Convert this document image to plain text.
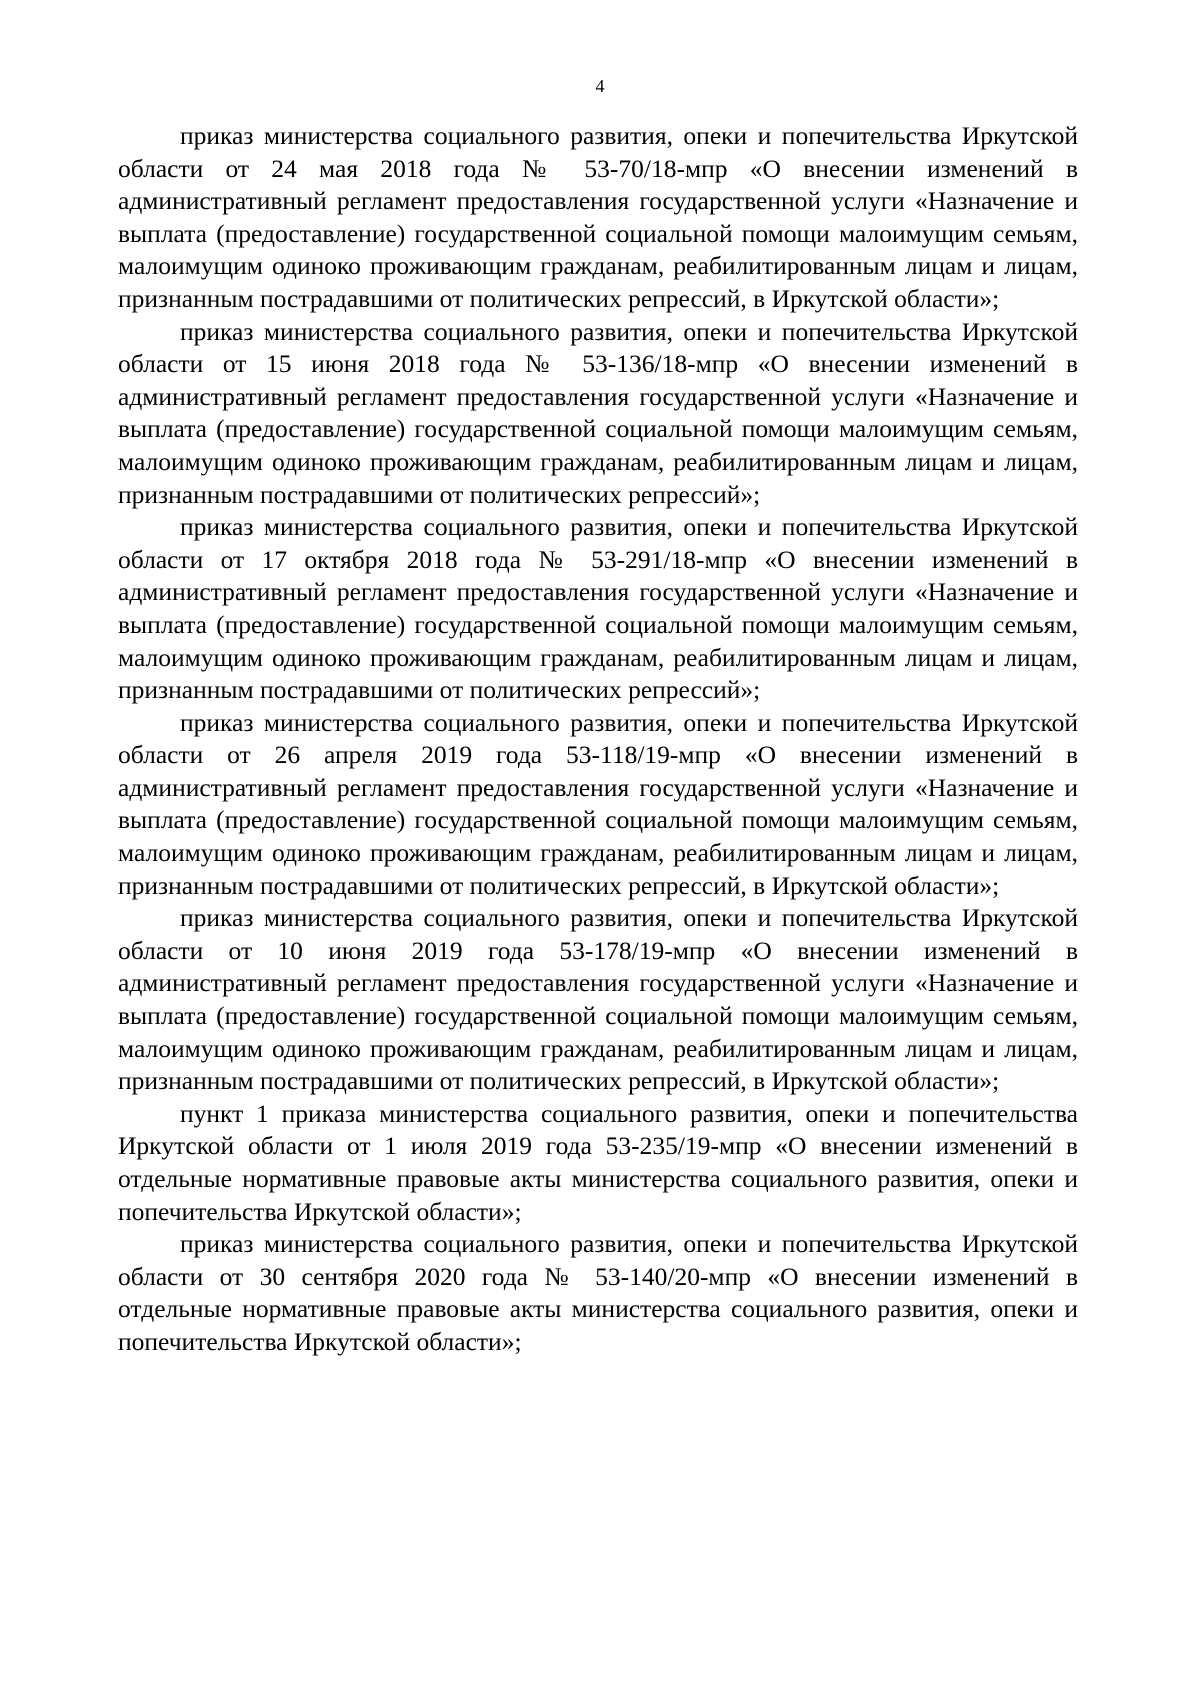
4

приказ министерства социального развития, опеки и попечительства Иркутской области от 24 мая 2018 года № 53-70/18-мпр «О внесении изменений в административный регламент предоставления государственной услуги «Назначение и выплата (предоставление) государственной социальной помощи малоимущим семьям, малоимущим одиноко проживающим гражданам, реабилитированным лицам и лицам, признанным пострадавшими от политических репрессий, в Иркутской области»;

приказ министерства социального развития, опеки и попечительства Иркутской области от 15 июня 2018 года № 53-136/18-мпр «О внесении изменений в административный регламент предоставления государственной услуги «Назначение и выплата (предоставление) государственной социальной помощи малоимущим семьям, малоимущим одиноко проживающим гражданам, реабилитированным лицам и лицам, признанным пострадавшими от политических репрессий»;

приказ министерства социального развития, опеки и попечительства Иркутской области от 17 октября 2018 года № 53-291/18-мпр «О внесении изменений в административный регламент предоставления государственной услуги «Назначение и выплата (предоставление) государственной социальной помощи малоимущим семьям, малоимущим одиноко проживающим гражданам, реабилитированным лицам и лицам, признанным пострадавшими от политических репрессий»;

приказ министерства социального развития, опеки и попечительства Иркутской области от 26 апреля 2019 года 53-118/19-мпр «О внесении изменений в административный регламент предоставления государственной услуги «Назначение и выплата (предоставление) государственной социальной помощи малоимущим семьям, малоимущим одиноко проживающим гражданам, реабилитированным лицам и лицам, признанным пострадавшими от политических репрессий, в Иркутской области»;

приказ министерства социального развития, опеки и попечительства Иркутской области от 10 июня 2019 года 53-178/19-мпр «О внесении изменений в административный регламент предоставления государственной услуги «Назначение и выплата (предоставление) государственной социальной помощи малоимущим семьям, малоимущим одиноко проживающим гражданам, реабилитированным лицам и лицам, признанным пострадавшими от политических репрессий, в Иркутской области»;

пункт 1 приказа министерства социального развития, опеки и попечительства Иркутской области от 1 июля 2019 года 53-235/19-мпр «О внесении изменений в отдельные нормативные правовые акты министерства социального развития, опеки и попечительства Иркутской области»;

приказ министерства социального развития, опеки и попечительства Иркутской области от 30 сентября 2020 года № 53-140/20-мпр «О внесении изменений в отдельные нормативные правовые акты министерства социального развития, опеки и попечительства Иркутской области»;
